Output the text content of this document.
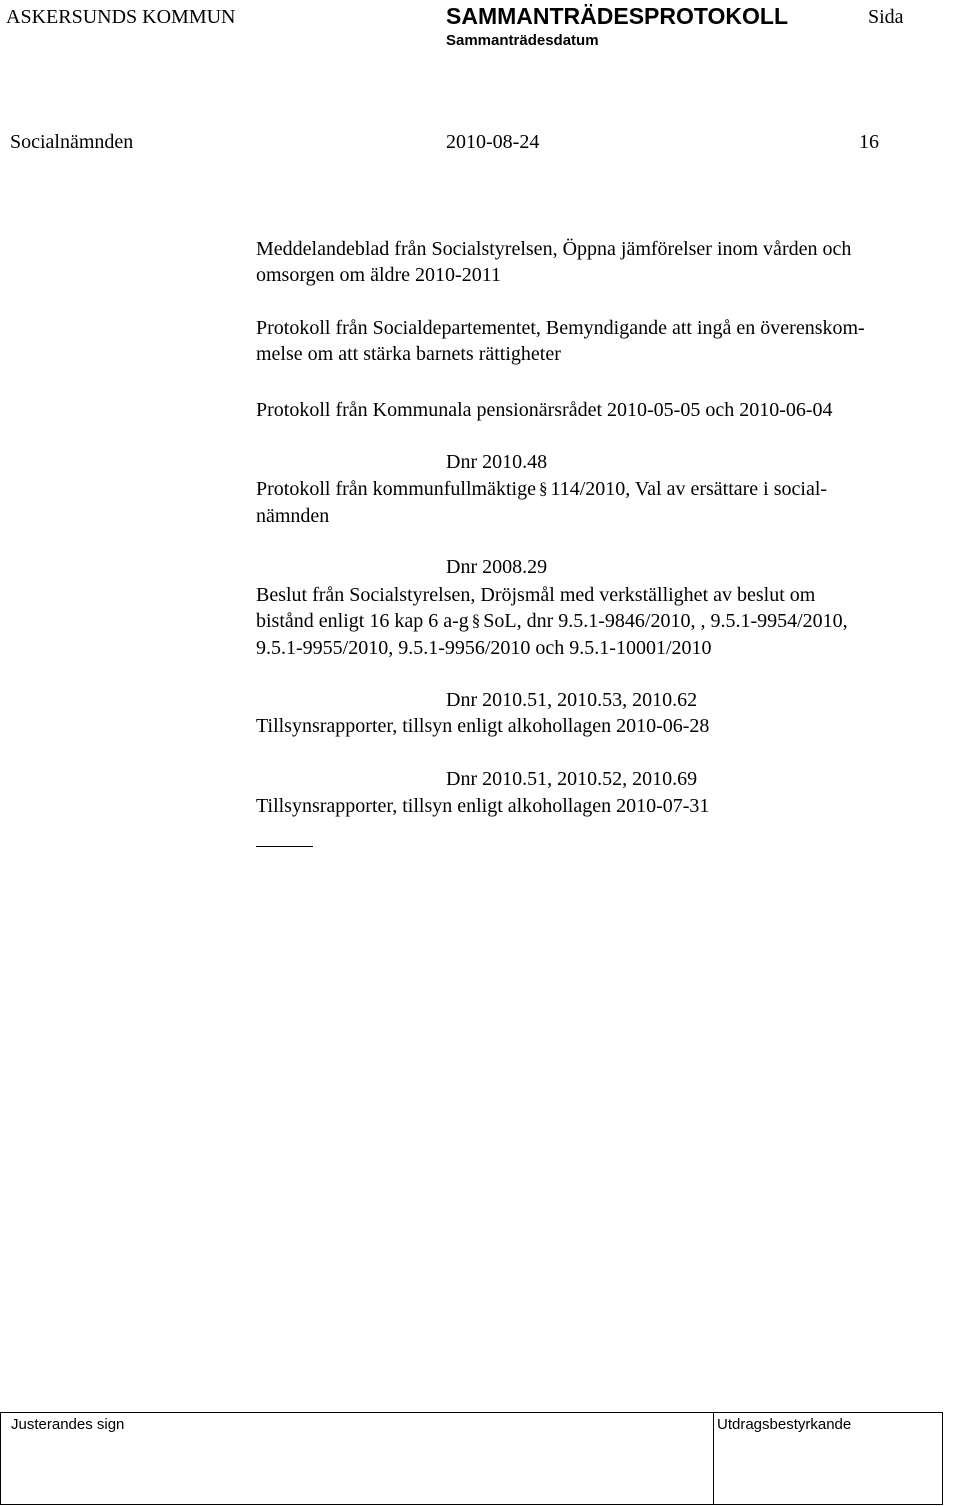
ASKERSUNDS KOMMUN	SAMMANTRÄDESPROTOKOLL	Sida
Sammanträdesdatum
Socialnämnden	2010-08-24	16
Meddelandeblad från Socialstyrelsen, Öppna jämförelser inom vården och
omsorgen om äldre 2010-2011
Protokoll från Socialdepartementet, Bemyndigande att ingå en överenskom-
melse om att stärka barnets rättigheter
Protokoll från Kommunala pensionärsrådet 2010-05-05 och 2010-06-04
Dnr 2010.48
Protokoll från kommunfullmäktige § 114/2010, Val av ersättare i social-
nämnden
Dnr 2008.29
Beslut från Socialstyrelsen, Dröjsmål med verkställighet av beslut om
bistånd enligt 16 kap 6 a-g § SoL, dnr 9.5.1-9846/2010, , 9.5.1-9954/2010,
9.5.1-9955/2010, 9.5.1-9956/2010 och 9.5.1-10001/2010
Dnr 2010.51, 2010.53, 2010.62
Tillsynsrapporter, tillsyn enligt alkohollagen 2010-06-28
Dnr 2010.51, 2010.52, 2010.69
Tillsynsrapporter, tillsyn enligt alkohollagen 2010-07-31
Justerandes sign	Utdragsbestyrkande
